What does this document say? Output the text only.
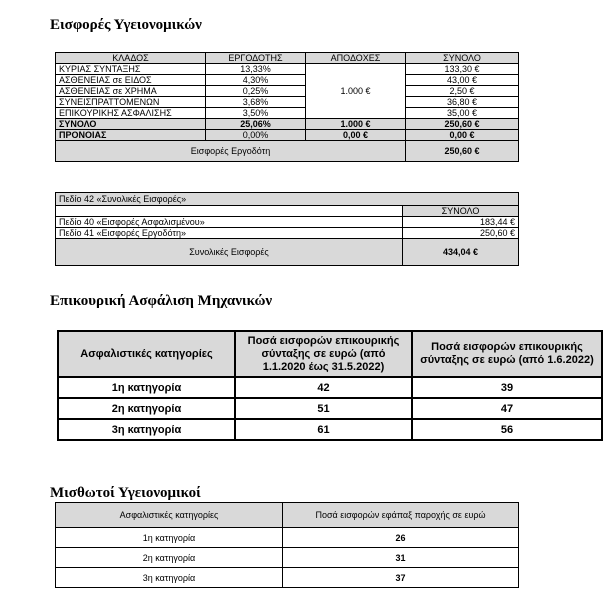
Εισφορές Υγειονομικών
ΚΛΑΔΟΣ	ΕΡΓΟΔΟΤΗΣ	ΑΠΟΔΟΧΕΣ	ΣΥΝΟΛΟ
ΚΥΡΙΑΣ ΣΥΝΤΑΞΗΣ	13,33%	1.000 €	133,30 €
ΑΣΘΕΝΕΙΑΣ σε ΕΙΔΟΣ	4,30%		43,00 €
ΑΣΘΕΝΕΙΑΣ σε ΧΡΗΜΑ	0,25%		2,50 €
ΣΥΝΕΙΣΠΡΑΤΤΟΜΕΝΩΝ	3,68%		36,80 €
ΕΠΙΚΟΥΡΙΚΗΣ ΑΣΦΑΛΙΣΗΣ	3,50%		35,00 €
ΣΥΝΟΛΟ	25,06%	1.000 €	250,60 €
ΠΡΟΝΟΙΑΣ	0,00%	0,00 €	0,00 €
Εισφορές Εργοδότη			250,60 €
Πεδίο 42 «Συνολικές Εισφορές»	
	ΣΥΝΟΛΟ
Πεδίο 40 «Εισφορές Ασφαλισμένου»	183,44 €
Πεδίο 41 «Εισφορές Εργοδότη»	250,60 €
Συνολικές Εισφορές	434,04 €
Επικουρική Ασφάλιση Μηχανικών
Ασφαλιστικές κατηγορίες	Ποσά εισφορών επικουρικής σύνταξης σε ευρώ (από 1.1.2020 έως 31.5.2022)	Ποσά εισφορών επικουρικής σύνταξης σε ευρώ (από 1.6.2022)
1η κατηγορία	42	39
2η κατηγορία	51	47
3η κατηγορία	61	56
Μισθωτοί Υγειονομικοί
Ασφαλιστικές κατηγορίες	Ποσά εισφορών εφάπαξ παροχής σε ευρώ
1η κατηγορία	26
2η κατηγορία	31
3η κατηγορία	37
